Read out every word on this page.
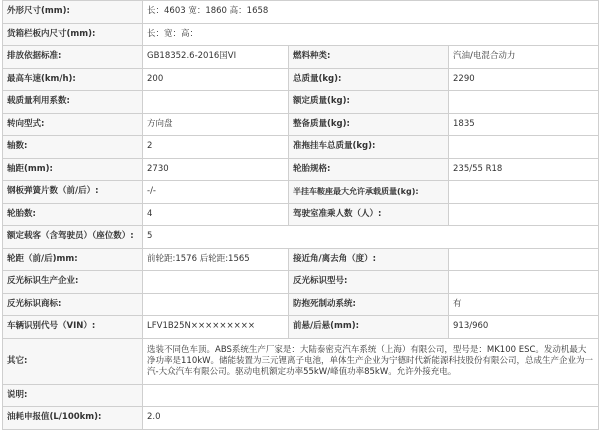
外形尺寸(mm):	长：4603 宽：1860 高：1658		
货箱栏板内尺寸(mm):	长：宽：高：		
排放依据标准:	GB18352.6-2016国VI	燃料种类:	汽油/电混合动力
最高车速(km/h):	200	总质量(kg):	2290
载质量利用系数:		额定质量(kg):	
转向型式:	方向盘	整备质量(kg):	1835
轴数:	2	准拖挂车总质量(kg):	
轴距(mm):	2730	轮胎规格:	235/55 R18
钢板弹簧片数（前/后）:	-/-	半挂车鞍座最大允许承载质量(kg):	
轮胎数:	4	驾驶室准乘人数（人）:	
额定载客（含驾驶员）（座位数）:	5		
轮距（前/后)mm:	前轮距:1576 后轮距:1565	接近角/离去角（度）:	
反光标识生产企业:		反光标识型号:	
反光标识商标:		防抱死制动系统:	有
车辆识别代号（VIN）:	LFV1B25N×××××××××	前悬/后悬(mm):	913/960
其它:	选装不同色车顶。ABS系统生产厂家是：大陆泰密克汽车系统（上海）有限公司，型号是：MK100 ESC。发动机最大净功率是110kW。储能装置为三元锂离子电池，单体生产企业为宁德时代新能源科技股份有限公司，总成生产企业为一汽-大众汽车有限公司。驱动电机额定功率55kW/峰值功率85kW。允许外接充电。		
说明:			
油耗申报值(L/100km):	2.0		
